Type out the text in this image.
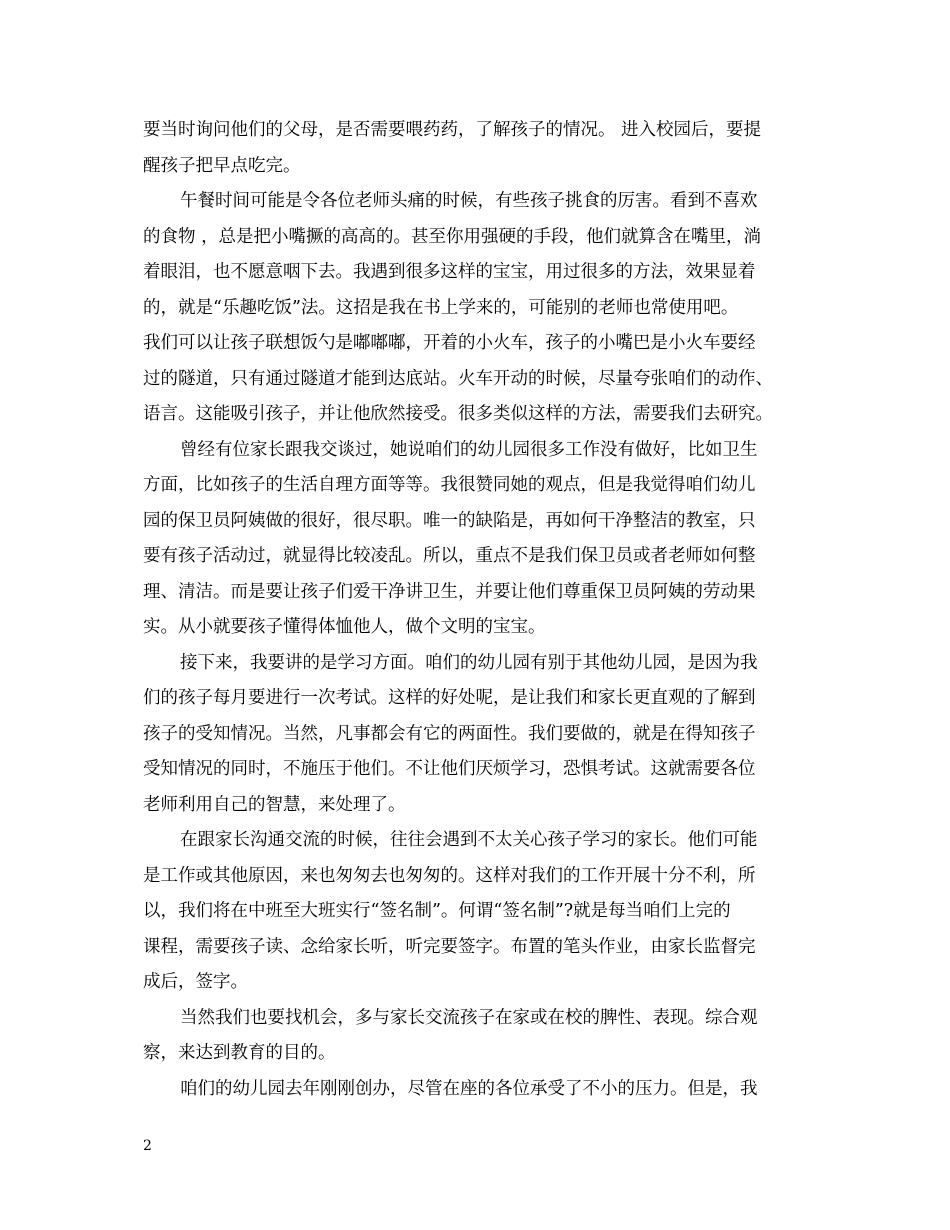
要当时询问他们的父母，是否需要喂药药，了解孩子的情况。 进入校园后，要提
醒孩子把早点吃完。
午餐时间可能是令各位老师头痛的时候，有些孩子挑食的厉害。看到不喜欢
的食物 ，总是把小嘴撅的高高的。甚至你用强硬的手段，他们就算含在嘴里，淌
着眼泪，也不愿意咽下去。我遇到很多这样的宝宝，用过很多的方法，效果显着
的，就是“乐趣吃饭”法。这招是我在书上学来的，可能别的老师也常使用吧。
我们可以让孩子联想饭勺是嘟嘟嘟，开着的小火车，孩子的小嘴巴是小火车要经
过的隧道，只有通过隧道才能到达底站。火车开动的时候，尽量夸张咱们的动作、
语言。这能吸引孩子，并让他欣然接受。很多类似这样的方法，需要我们去研究。
曾经有位家长跟我交谈过，她说咱们的幼儿园很多工作没有做好，比如卫生
方面，比如孩子的生活自理方面等等。我很赞同她的观点，但是我觉得咱们幼儿
园的保卫员阿姨做的很好，很尽职。唯一的缺陷是，再如何干净整洁的教室，只
要有孩子活动过，就显得比较凌乱。所以，重点不是我们保卫员或者老师如何整
理、清洁。而是要让孩子们爱干净讲卫生，并要让他们尊重保卫员阿姨的劳动果
实。从小就要孩子懂得体恤他人，做个文明的宝宝。
接下来，我要讲的是学习方面。咱们的幼儿园有别于其他幼儿园，是因为我
们的孩子每月要进行一次考试。这样的好处呢，是让我们和家长更直观的了解到
孩子的受知情况。当然，凡事都会有它的两面性。我们要做的，就是在得知孩子
受知情况的同时，不施压于他们。不让他们厌烦学习，恐惧考试。这就需要各位
老师利用自己的智慧，来处理了。
在跟家长沟通交流的时候，往往会遇到不太关心孩子学习的家长。他们可能
是工作或其他原因，来也匆匆去也匆匆的。这样对我们的工作开展十分不利，所
以，我们将在中班至大班实行“签名制”。何谓“签名制”?就是每当咱们上完的
课程，需要孩子读、念给家长听，听完要签字。布置的笔头作业，由家长监督完
成后，签字。
当然我们也要找机会，多与家长交流孩子在家或在校的脾性、表现。综合观
察，来达到教育的目的。
咱们的幼儿园去年刚刚创办，尽管在座的各位承受了不小的压力。但是，我
2
